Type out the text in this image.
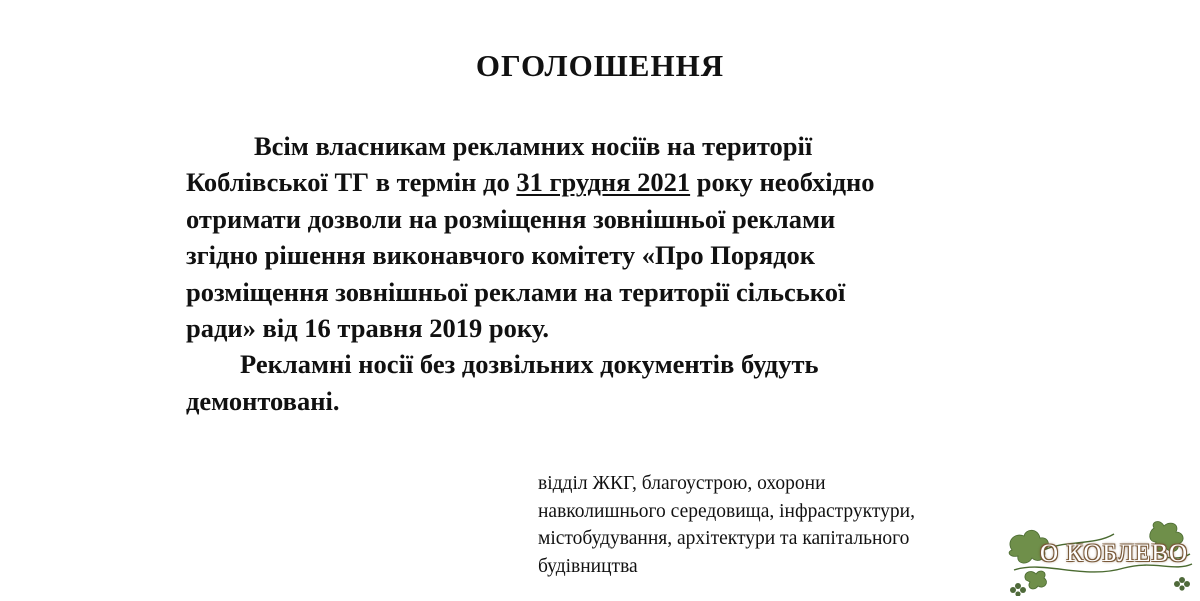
ОГОЛОШЕННЯ
Всім власникам рекламних носіїв на території
Коблівської ТГ в термін до 31 грудня 2021 року необхідно
отримати дозволи на розміщення зовнішньої реклами
згідно рішення виконавчого комітету «Про Порядок
розміщення зовнішньої реклами на території сільської
ради» від 16 травня 2019 року.
Рекламні носії без дозвільних документів будуть
демонтовані.
відділ ЖКГ, благоустрою, охорони
навколишнього середовища, інфраструктури,
містобудування, архітектури та капітального
будівництва	О КОБЛЕВО
